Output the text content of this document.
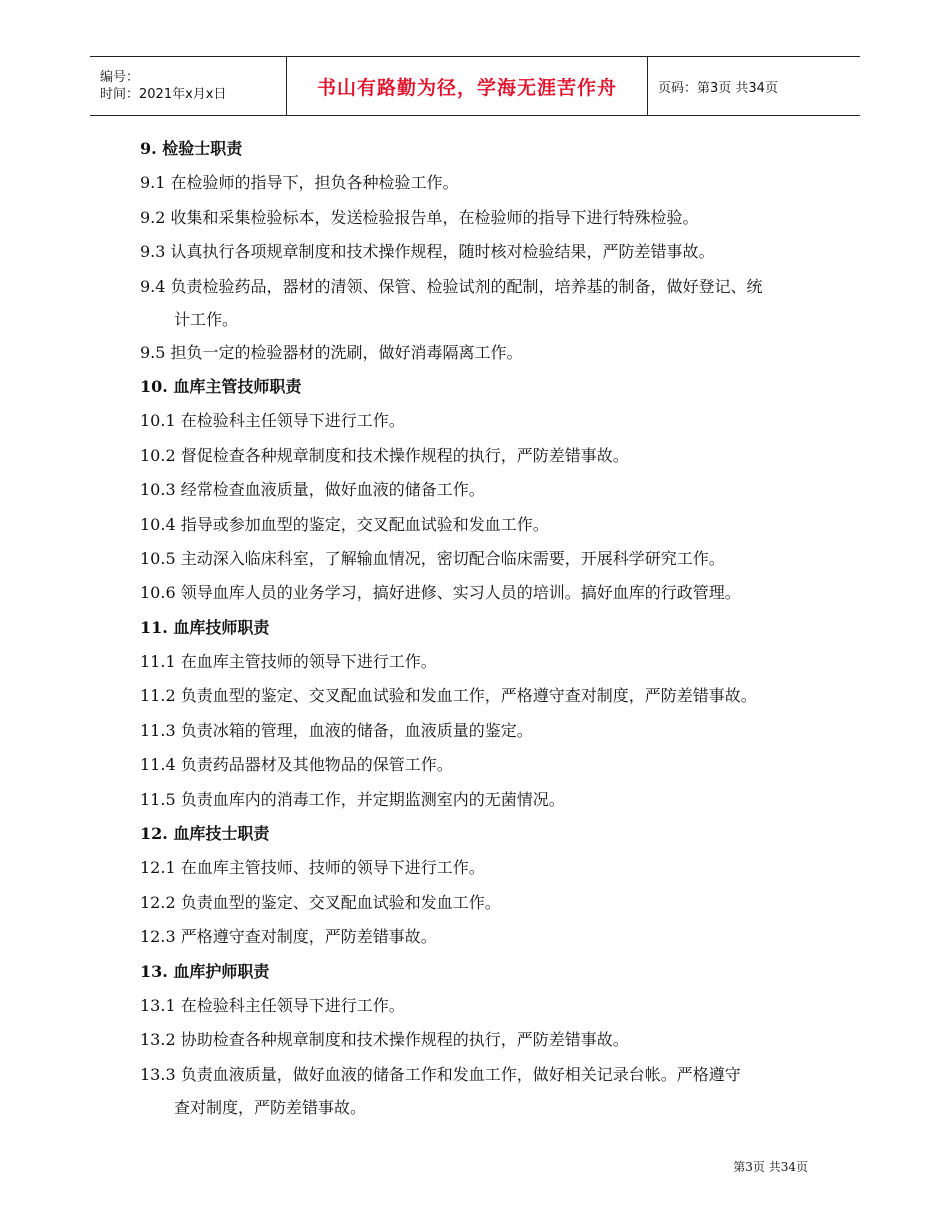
编号：
时间：2021年x月x日	书山有路勤为径，学海无涯苦作舟	页码：第3页 共34页
9. 检验士职责
9.1 在检验师的指导下，担负各种检验工作。
9.2 收集和采集检验标本，发送检验报告单，在检验师的指导下进行特殊检验。
9.3 认真执行各项规章制度和技术操作规程，随时核对检验结果，严防差错事故。
9.4 负责检验药品，器材的清领、保管、检验试剂的配制，培养基的制备，做好登记、统
计工作。
9.5 担负一定的检验器材的洗刷，做好消毒隔离工作。
10. 血库主管技师职责
10.1 在检验科主任领导下进行工作。
10.2 督促检查各种规章制度和技术操作规程的执行，严防差错事故。
10.3 经常检查血液质量，做好血液的储备工作。
10.4 指导或参加血型的鉴定，交叉配血试验和发血工作。
10.5 主动深入临床科室，了解输血情况，密切配合临床需要，开展科学研究工作。
10.6 领导血库人员的业务学习，搞好进修、实习人员的培训。搞好血库的行政管理。
11. 血库技师职责
11.1 在血库主管技师的领导下进行工作。
11.2 负责血型的鉴定、交叉配血试验和发血工作，严格遵守查对制度，严防差错事故。
11.3 负责冰箱的管理，血液的储备，血液质量的鉴定。
11.4 负责药品器材及其他物品的保管工作。
11.5 负责血库内的消毒工作，并定期监测室内的无菌情况。
12. 血库技士职责
12.1 在血库主管技师、技师的领导下进行工作。
12.2 负责血型的鉴定、交叉配血试验和发血工作。
12.3 严格遵守查对制度，严防差错事故。
13. 血库护师职责
13.1 在检验科主任领导下进行工作。
13.2 协助检查各种规章制度和技术操作规程的执行，严防差错事故。
13.3 负责血液质量，做好血液的储备工作和发血工作，做好相关记录台帐。严格遵守
查对制度，严防差错事故。
第3页 共34页
